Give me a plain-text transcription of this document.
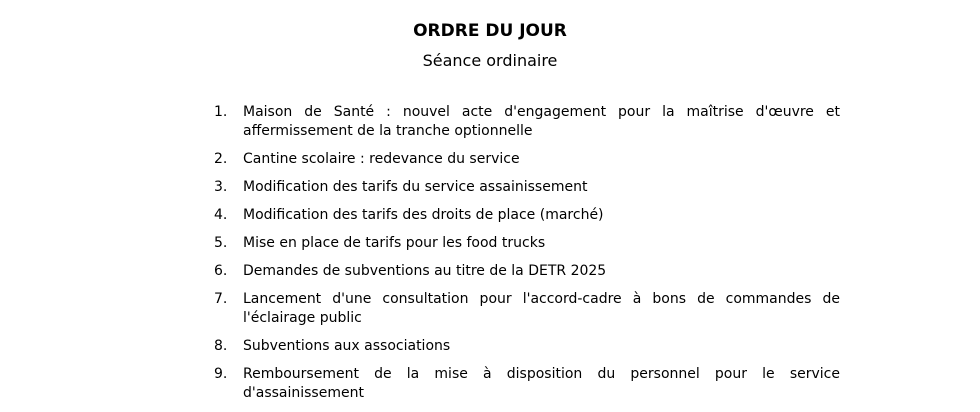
ORDRE DU JOUR
Séance ordinaire
1.	Maison de Santé : nouvel acte d'engagement pour la maîtrise d'œuvre et affermissement de la tranche optionnelle
2.	Cantine scolaire : redevance du service
3.	Modification des tarifs du service assainissement
4.	Modification des tarifs des droits de place (marché)
5.	Mise en place de tarifs pour les food trucks
6.	Demandes de subventions au titre de la DETR 2025
7.	Lancement d'une consultation pour l'accord-cadre à bons de commandes de l'éclairage public
8.	Subventions aux associations
9.	Remboursement de la mise à disposition du personnel pour le service d'assainissement
